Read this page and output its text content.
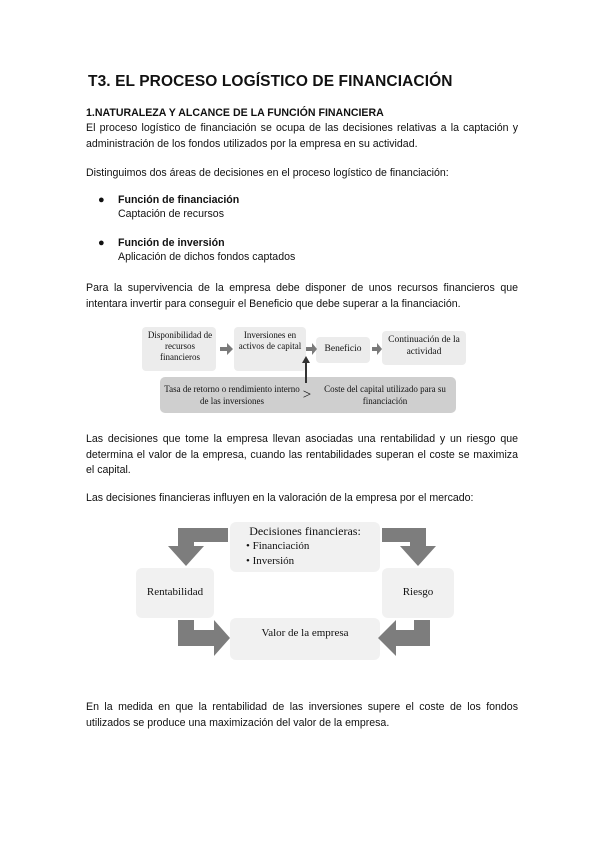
T3. EL PROCESO LOGÍSTICO DE FINANCIACIÓN
1.NATURALEZA Y ALCANCE DE LA FUNCIÓN FINANCIERA
El proceso logístico de financiación se ocupa de las decisiones relativas a la captación y administración de los fondos utilizados por la empresa en su actividad.
Distinguimos dos áreas de decisiones en el proceso logístico de financiación:
● Función de financiación
Captación de recursos
● Función de inversión
Aplicación de dichos fondos captados
Para la supervivencia de la empresa debe disponer de unos recursos financieros que intentara invertir para conseguir el Beneficio que debe superar a la financiación.
Disponibilidad de recursos financieros
Inversiones en activos de capital	Beneficio
Continuación de la actividad
Tasa de retorno o rendimiento interno de las inversiones	>	Coste del capital utilizado para su financiación
Las decisiones que tome la empresa llevan asociadas una rentabilidad y un riesgo que determina el valor de la empresa, cuando las rentabilidades superan el coste se maximiza el capital.
Las decisiones financieras influyen en la valoración de la empresa por el mercado:
Decisiones financieras:
• Financiación
• Inversión
Rentabilidad	Riesgo
Valor de la empresa
En la medida en que la rentabilidad de las inversiones supere el coste de los fondos utilizados se produce una maximización del valor de la empresa.
